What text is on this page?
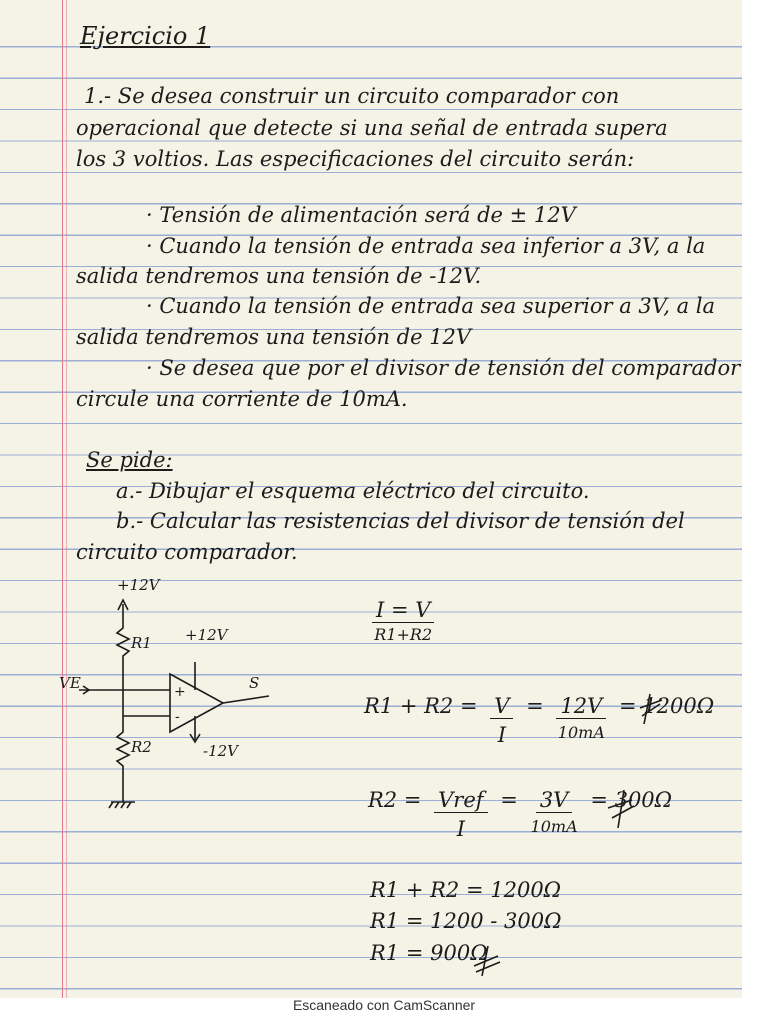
Ejercicio 1

1.- Se desea construir un circuito comparador con

operacional que detecte si una señal de entrada supera

los 3 voltios. Las especificaciones del circuito serán:

· Tensión de alimentación será de ± 12V

· Cuando la tensión de entrada sea inferior a 3V, a la

salida tendremos una tensión de -12V.

· Cuando la tensión de entrada sea superior a 3V, a la

salida tendremos una tensión de 12V

· Se desea que por el divisor de tensión del comparador

circule una corriente de 10mA.

Se pide:

a.- Dibujar el esquema eléctrico del circuito.

b.- Calcular las resistencias del divisor de tensión del

circuito comparador.

+12V
+12V
-12V
R1
R2
VE	S
+
-
I = V
R1+R2
$R1 + R2 = \frac{V}{I} = 12V$
10mA = 1200Ω
R2 = Vref
I = 3V
10mA = 300Ω

R1 + R2 = 1200Ω

R1 = 1200 - 300Ω

R1 = 900Ω

Escaneado con CamScanner
